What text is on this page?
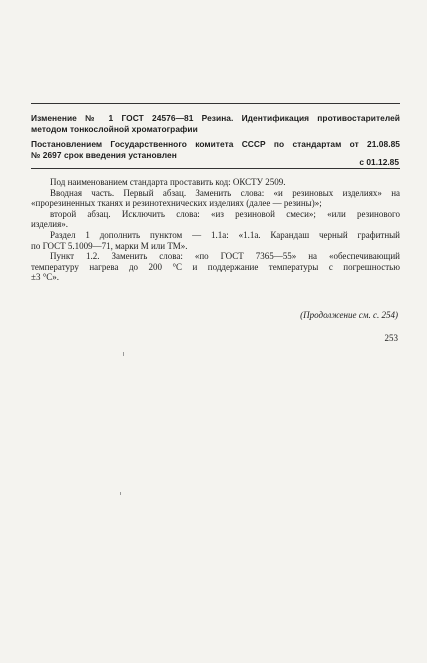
Изменение № 1 ГОСТ 24576—81 Резина. Идентификация противостарителей
методом тонкослойной хроматографии
Постановлением Государственного комитета СССР по стандартам от 21.08.85
№ 2697 срок введения установлен
с 01.12.85

Под наименованием стандарта проставить код: ОКСТУ 2509.

Вводная часть. Первый абзац. Заменить слова: «и резиновых изделиях» на
«прорезиненных тканях и резинотехнических изделиях (далее — резины)»;

второй абзац. Исключить слова: «из резиновой смеси»; «или резинового
изделия».

Раздел 1 дополнить пунктом — 1.1а: «1.1а. Карандаш черный графитный
по ГОСТ 5.1009—71, марки М или ТМ».

Пункт 1.2. Заменить слова: «по ГОСТ 7365—55» на «обеспечивающий
температуру нагрева до 200 °С и поддержание температуры с погрешностью
±3 °С».

(Продолжение см. с. 254)
253
